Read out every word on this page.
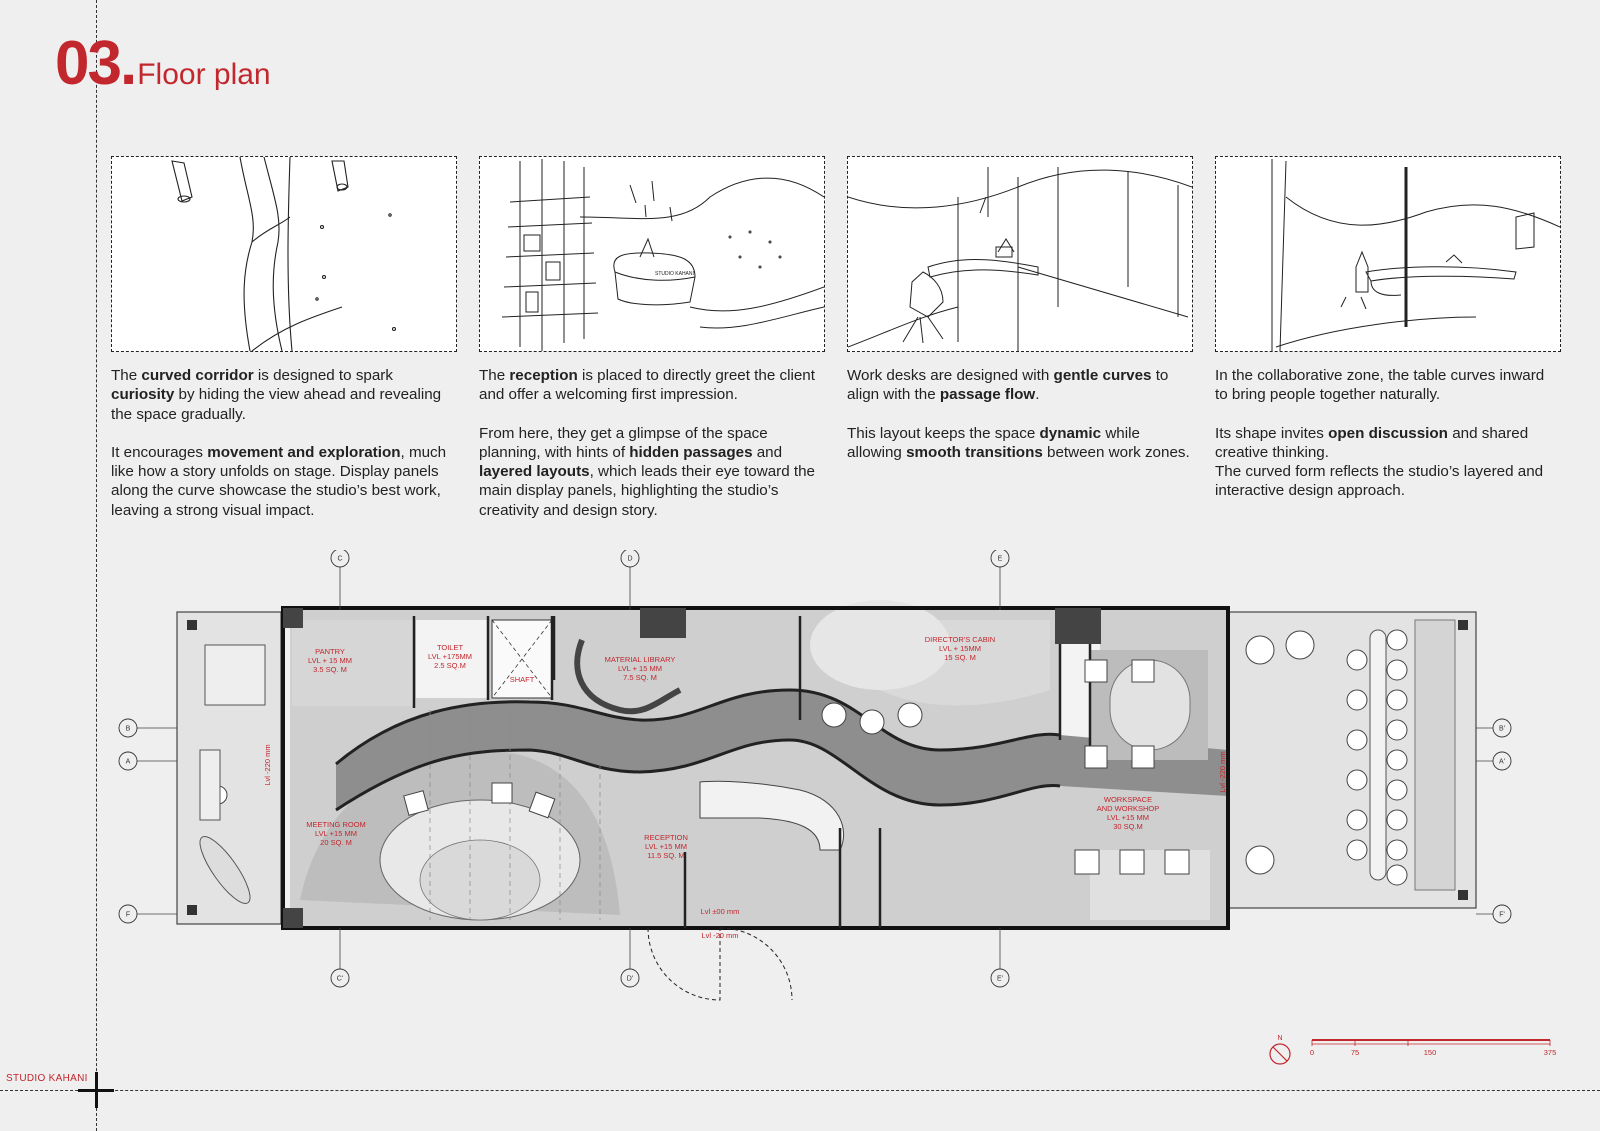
03.Floor plan
STUDIO KAHANI

The curved corridor is designed to spark curiosity by hiding the view ahead and revealing the space gradually.

It encourages movement and exploration, much like how a story unfolds on stage. Display panels along the curve showcase the studio’s best work, leaving a strong visual impact.

The reception is placed to directly greet the client and offer a welcoming first impression.

From here, they get a glimpse of the space planning, with hints of hidden passages and layered layouts, which leads their eye toward the main display panels, highlighting the studio’s creativity and design story.

Work desks are designed with gentle curves to align with the passage flow.

This layout keeps the space dynamic while allowing smooth transitions between work zones.

In the collaborative zone, the table curves inward to bring people together naturally.

Its shape invites open discussion and shared creative thinking.
The curved form reflects the studio’s layered and interactive design approach.

PANTRY
LVL + 15 MM
3.5 SQ. M
TOILET
LVL +175MM
2.5 SQ.M
SHAFT
MATERIAL LIBRARY
LVL + 15 MM
7.5 SQ. M
DIRECTOR'S CABIN
LVL + 15MM
15 SQ. M
MEETING ROOM
LVL +15 MM
20 SQ. M
RECEPTION
LVL +15 MM
11.5 SQ. M
WORKSPACE
AND WORKSHOP
LVL +15 MM
30 SQ.M
Lvl ±00 mm
Lvl -20 mm
Lvl -220 mm	Lvl -220 mm
C	D	E
C'	D'	E'
B
A
F
B'
A'
F'
N
0	75	150	375
STUDIO KAHANI
